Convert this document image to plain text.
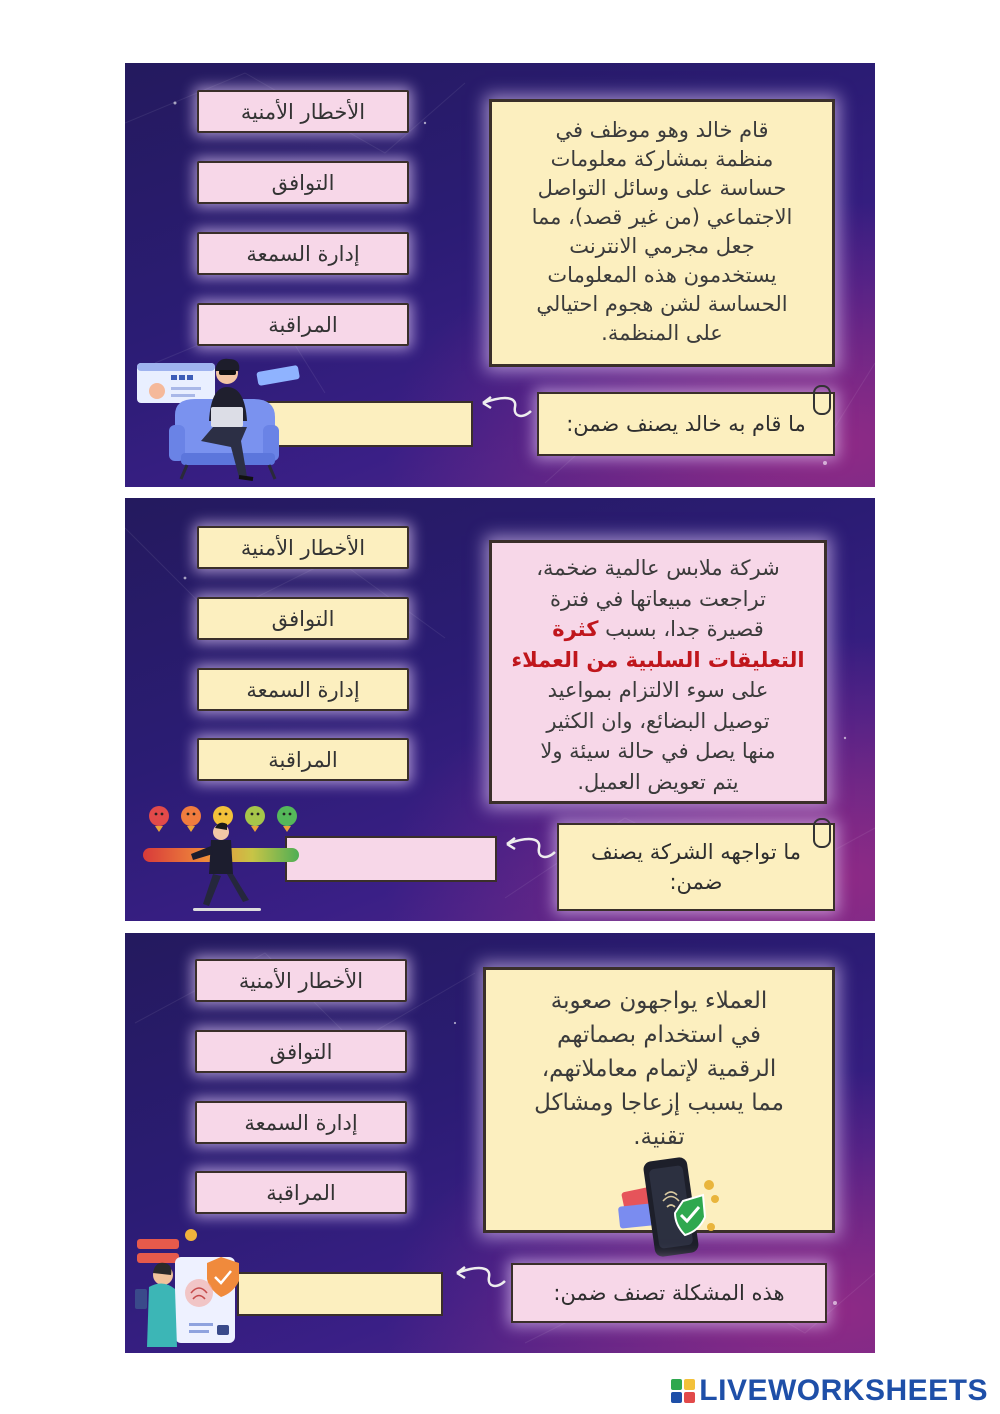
الأخطار الأمنية
التوافق
إدارة السمعة
المراقبة
قام خالد وهو موظف في
منظمة بمشاركة معلومات
حساسة على وسائل التواصل
الاجتماعي (من غير قصد)، مما
جعل مجرمي الانترنت
يستخدمون هذه المعلومات
الحساسة لشن هجوم احتيالي
على المنظمة.
ما قام به خالد يصنف ضمن:
الأخطار الأمنية
التوافق
إدارة السمعة
المراقبة
شركة ملابس عالمية ضخمة،
تراجعت مبيعاتها في فترة
قصيرة جدا، بسبب كثرة
التعليقات السلبية من العملاء
على سوء الالتزام بمواعيد
توصيل البضائع، وان الكثير
منها يصل في حالة سيئة ولا
يتم تعويض العميل.
ما تواجهه الشركة يصنف ضمن:
الأخطار الأمنية
التوافق
إدارة السمعة
المراقبة
العملاء يواجهون صعوبة
في استخدام بصماتهم
الرقمية لإتمام معاملاتهم،
مما يسبب إزعاجا ومشاكل
تقنية.
هذه المشكلة تصنف ضمن:
LIVEWORKSHEETS
